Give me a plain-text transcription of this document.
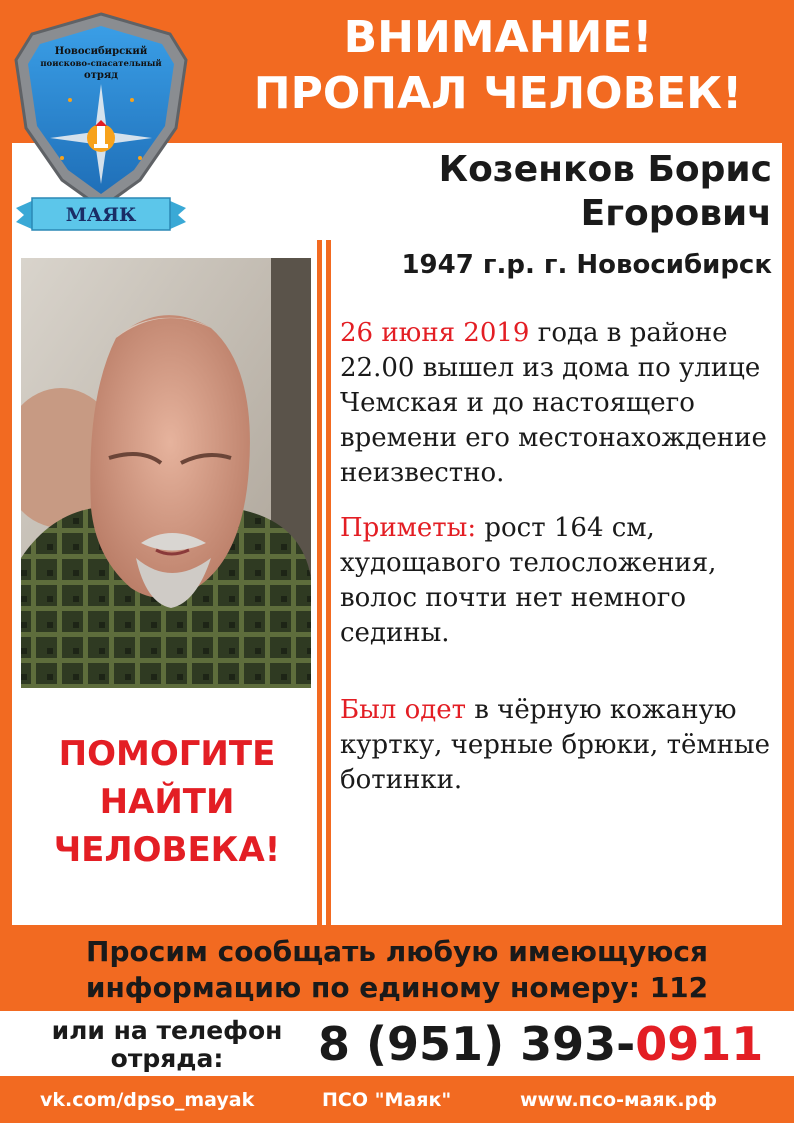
ВНИМАНИЕ!
ПРОПАЛ ЧЕЛОВЕК!
Новосибирский
поисково-спасательный
отряд
МАЯК
Козенков Борис
Егорович

1947 г.р. г. Новосибирск

ПОМОГИТЕ
НАЙТИ
ЧЕЛОВЕКА!

26 июня 2019 года в районе 22.00 вышел из дома по улице Чемская и до настоящего времени его местонахождение неизвестно.

Приметы: рост 164 см, худощавого телосложения, волос почти нет немного седины.

Был одет в чёрную кожаную куртку, черные брюки, тёмные ботинки.

Просим сообщать любую имеющуюся
информацию по единому номеру: 112

или на телефон
отряда:	8 (951) 393-0911

vk.com/dpso_mayak	ПСО "Маяк"	www.псо-маяк.рф
